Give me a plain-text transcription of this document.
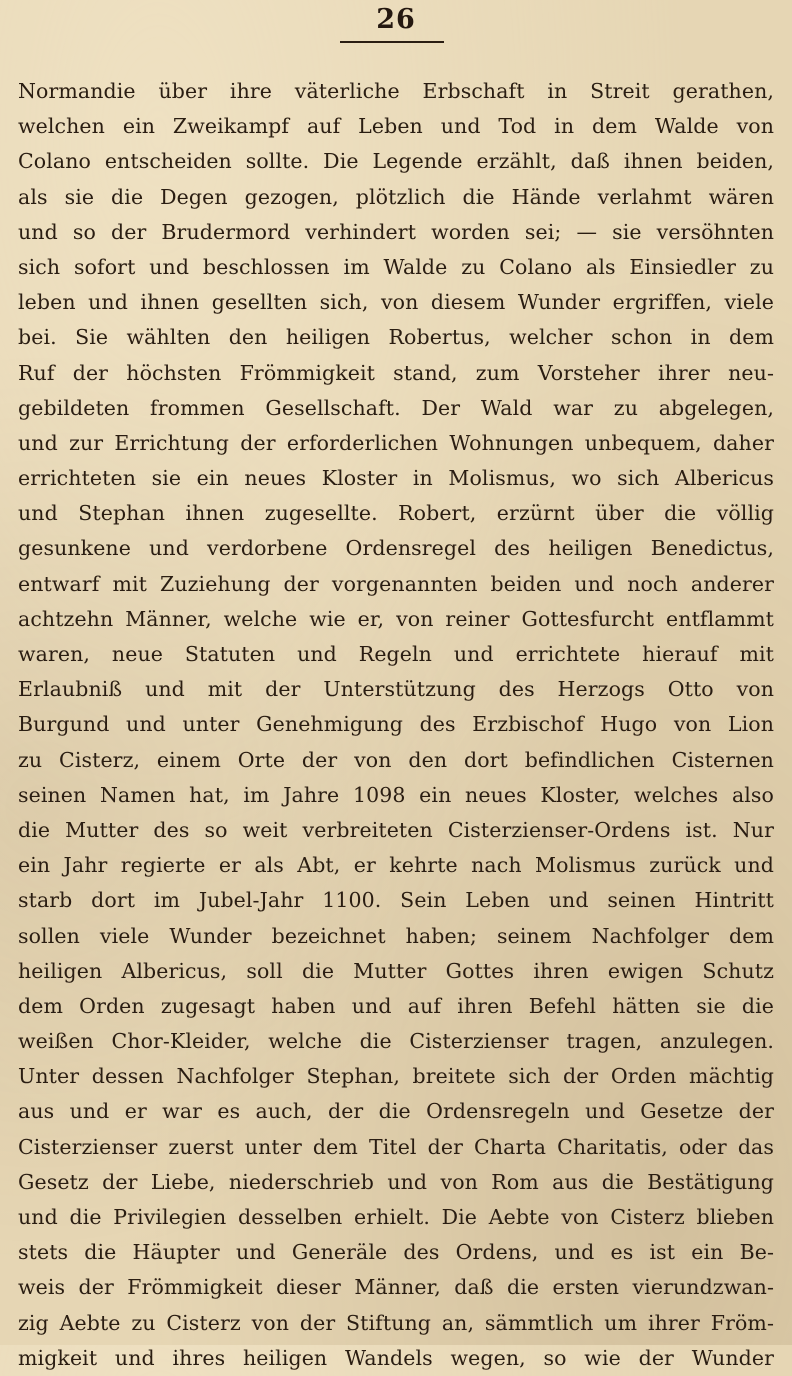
26
Normandie über ihre väterliche Erbschaft in Streit gerathen,
welchen ein Zweikampf auf Leben und Tod in dem Walde von
Colano entscheiden sollte. Die Legende erzählt, daß ihnen beiden,
als sie die Degen gezogen, plötzlich die Hände verlahmt wären
und so der Brudermord verhindert worden sei; — sie versöhnten
sich sofort und beschlossen im Walde zu Colano als Einsiedler zu
leben und ihnen gesellten sich, von diesem Wunder ergriffen, viele
bei. Sie wählten den heiligen Robertus, welcher schon in dem
Ruf der höchsten Frömmigkeit stand, zum Vorsteher ihrer neu-
gebildeten frommen Gesellschaft. Der Wald war zu abgelegen,
und zur Errichtung der erforderlichen Wohnungen unbequem, daher
errichteten sie ein neues Kloster in Molismus, wo sich Albericus
und Stephan ihnen zugesellte. Robert, erzürnt über die völlig
gesunkene und verdorbene Ordensregel des heiligen Benedictus,
entwarf mit Zuziehung der vorgenannten beiden und noch anderer
achtzehn Männer, welche wie er, von reiner Gottesfurcht entflammt
waren, neue Statuten und Regeln und errichtete hierauf mit
Erlaubniß und mit der Unterstützung des Herzogs Otto von
Burgund und unter Genehmigung des Erzbischof Hugo von Lion
zu Cisterz, einem Orte der von den dort befindlichen Cisternen
seinen Namen hat, im Jahre 1098 ein neues Kloster, welches also
die Mutter des so weit verbreiteten Cisterzienser-Ordens ist. Nur
ein Jahr regierte er als Abt, er kehrte nach Molismus zurück und
starb dort im Jubel-Jahr 1100. Sein Leben und seinen Hintritt
sollen viele Wunder bezeichnet haben; seinem Nachfolger dem
heiligen Albericus, soll die Mutter Gottes ihren ewigen Schutz
dem Orden zugesagt haben und auf ihren Befehl hätten sie die
weißen Chor-Kleider, welche die Cisterzienser tragen, anzulegen.
Unter dessen Nachfolger Stephan, breitete sich der Orden mächtig
aus und er war es auch, der die Ordensregeln und Gesetze der
Cisterzienser zuerst unter dem Titel der Charta Charitatis, oder das
Gesetz der Liebe, niederschrieb und von Rom aus die Bestätigung
und die Privilegien desselben erhielt. Die Aebte von Cisterz blieben
stets die Häupter und Generäle des Ordens, und es ist ein Be-
weis der Frömmigkeit dieser Männer, daß die ersten vierundzwan-
zig Aebte zu Cisterz von der Stiftung an, sämmtlich um ihrer Fröm-
migkeit und ihres heiligen Wandels wegen, so wie der Wunder
